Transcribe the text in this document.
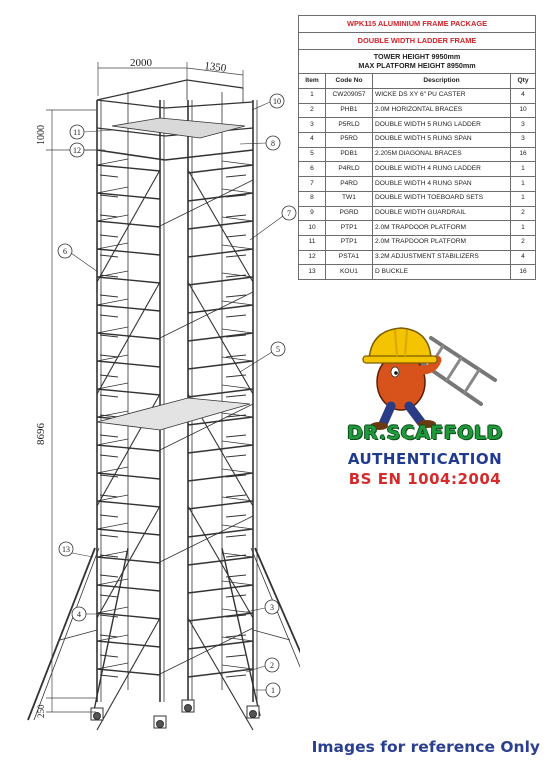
2000	1350
1000
8696
250
10
11
12
8
7
6
5
13
3
4
2
1
WPK115 ALUMINIUM FRAME PACKAGE			
DOUBLE WIDTH LADDER FRAME			
TOWER HEIGHT 9950mm
MAX PLATFORM HEIGHT 8950mm			
Item	Code No	Description	Qty
1	CW209057	WICKE DS XY 6" PU CASTER	4
2	PHB1	2.0M HORIZONTAL BRACES	10
3	P5RLD	DOUBLE WIDTH 5 RUNG LADDER	3
4	P5RD	DOUBLE WIDTH 5 RUNG SPAN	3
5	PDB1	2.205M DIAGONAL BRACES	16
6	P4RLD	DOUBLE WIDTH 4 RUNG LADDER	1
7	P4RD	DOUBLE WIDTH 4 RUNG SPAN	1
8	TW1	DOUBLE WIDTH TOEBOARD SETS	1
9	PGRD	DOUBLE WIDTH GUARDRAIL	2
10	PTP1	2.0M TRAPDOOR PLATFORM	1
11	PTP1	2.0M TRAPDOOR PLATFORM	2
12	PSTA1	3.2M ADJUSTMENT STABILIZERS	4
13	KOU1	D BUCKLE	16
DR.SCAFFOLD
AUTHENTICATION
BS EN 1004:2004
Images for reference Only
